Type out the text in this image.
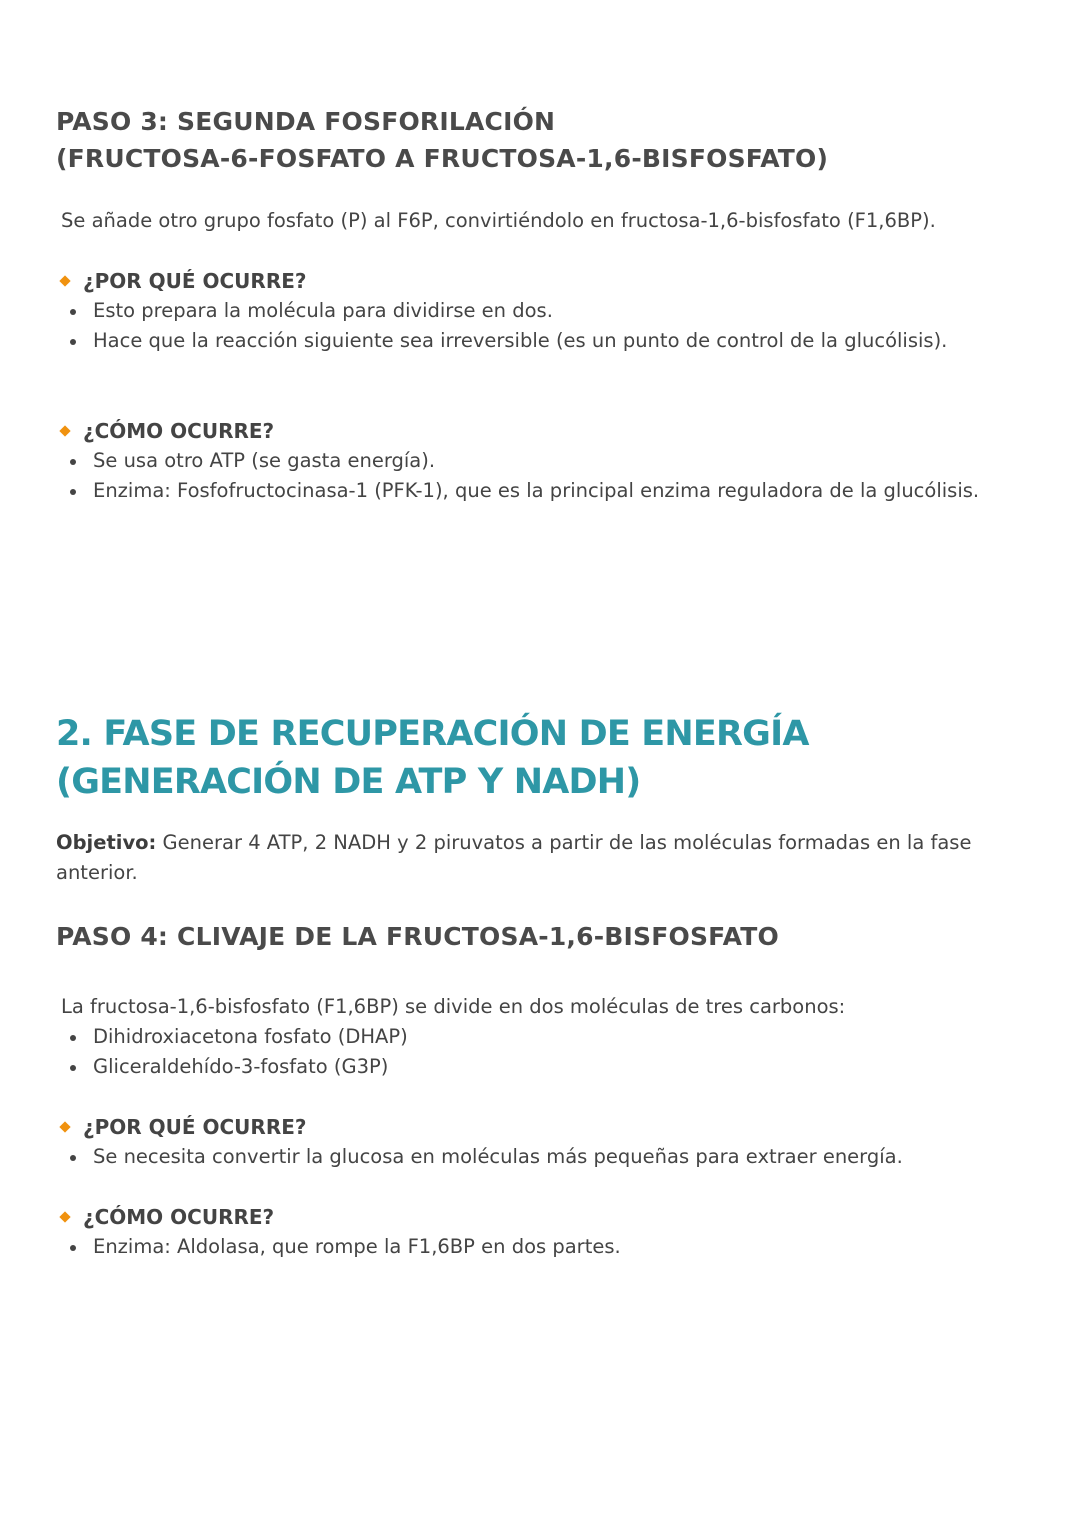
PASO 3: SEGUNDA FOSFORILACIÓN
(FRUCTOSA-6-FOSFATO A FRUCTOSA-1,6-BISFOSFATO)

Se añade otro grupo fosfato (P) al F6P, convirtiéndolo en fructosa-1,6-bisfosfato (F1,6BP).

¿POR QUÉ OCURRE?
Esto prepara la molécula para dividirse en dos.
Hace que la reacción siguiente sea irreversible (es un punto de control de la glucólisis).
¿CÓMO OCURRE?
Se usa otro ATP (se gasta energía).
Enzima: Fosfofructocinasa-1 (PFK-1), que es la principal enzima reguladora de la glucólisis.
2. FASE DE RECUPERACIÓN DE ENERGÍA
(GENERACIÓN DE ATP Y NADH)

Objetivo: Generar 4 ATP, 2 NADH y 2 piruvatos a partir de las moléculas formadas en la fase anterior.

PASO 4: CLIVAJE DE LA FRUCTOSA-1,6-BISFOSFATO

La fructosa-1,6-bisfosfato (F1,6BP) se divide en dos moléculas de tres carbonos:

Dihidroxiacetona fosfato (DHAP)
Gliceraldehído-3-fosfato (G3P)
¿POR QUÉ OCURRE?
Se necesita convertir la glucosa en moléculas más pequeñas para extraer energía.
¿CÓMO OCURRE?
Enzima: Aldolasa, que rompe la F1,6BP en dos partes.
